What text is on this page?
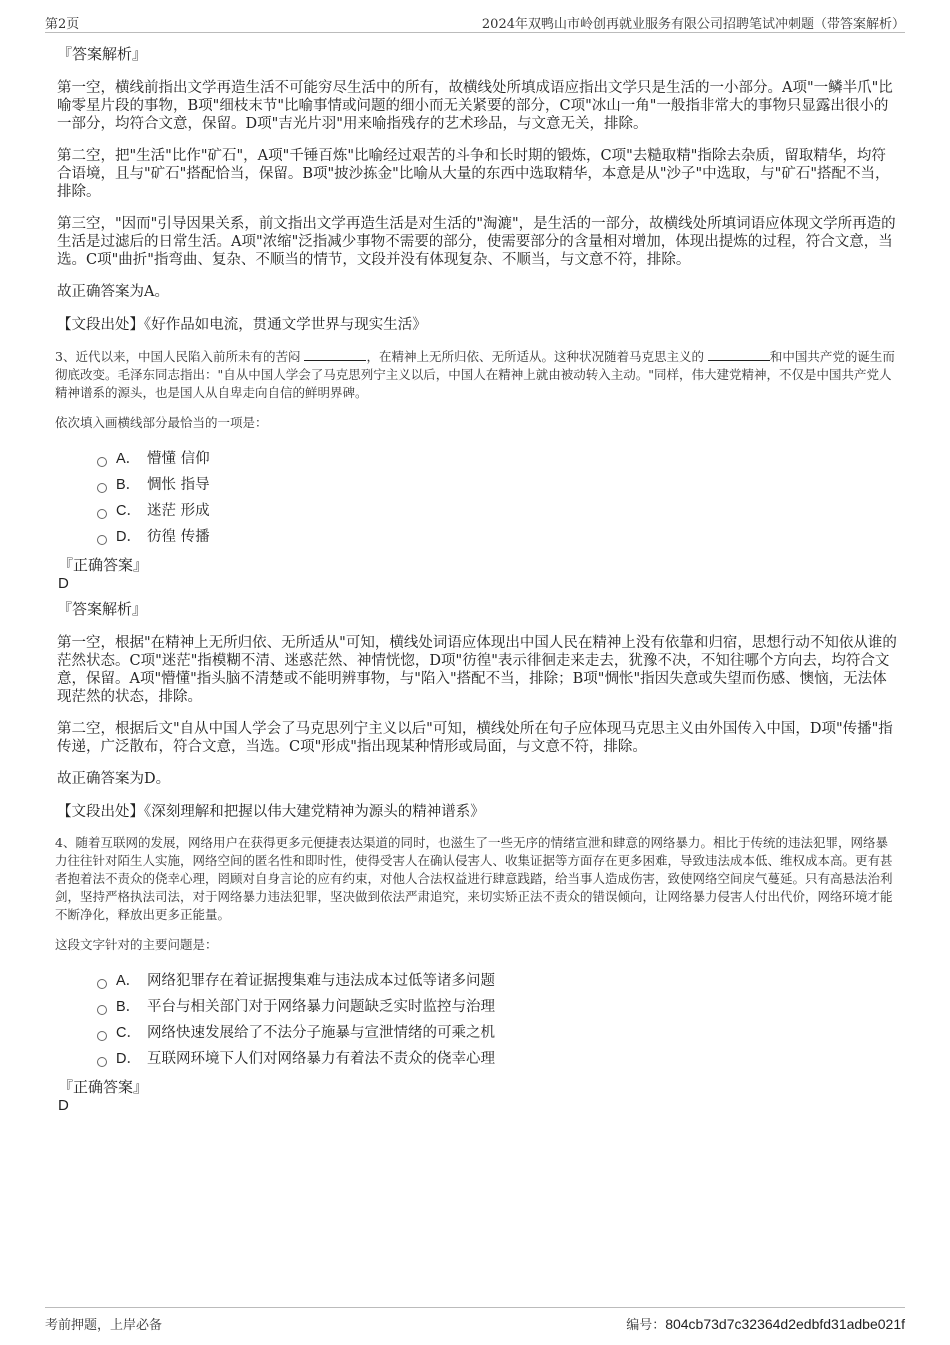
第2页	2024年双鸭山市岭创再就业服务有限公司招聘笔试冲刺题（带答案解析）
『答案解析』

第一空，横线前指出文学再造生活不可能穷尽生活中的所有，故横线处所填成语应指出文学只是生活的一小部分。A项"一鳞半爪"比喻零星片段的事物，B项"细枝末节"比喻事情或问题的细小而无关紧要的部分，C项"冰山一角"一般指非常大的事物只显露出很小的一部分，均符合文意，保留。D项"吉光片羽"用来喻指残存的艺术珍品，与文意无关，排除。

第二空，把"生活"比作"矿石"，A项"千锤百炼"比喻经过艰苦的斗争和长时期的锻炼，C项"去糙取精"指除去杂质，留取精华，均符合语境，且与"矿石"搭配恰当，保留。B项"披沙拣金"比喻从大量的东西中选取精华，本意是从"沙子"中选取，与"矿石"搭配不当，排除。

第三空，"因而"引导因果关系，前文指出文学再造生活是对生活的"淘漉"，是生活的一部分，故横线处所填词语应体现文学所再造的生活是过滤后的日常生活。A项"浓缩"泛指减少事物不需要的部分，使需要部分的含量相对增加，体现出提炼的过程，符合文意，当选。C项"曲折"指弯曲、复杂、不顺当的情节，文段并没有体现复杂、不顺当，与文意不符，排除。

故正确答案为A。

【文段出处】《好作品如电流，贯通文学世界与现实生活》

3、近代以来，中国人民陷入前所未有的苦闷	，在精神上无所归依、无所适从。这种状况随着马克思主义的	和中国共产党的诞生而彻底改变。毛泽东同志指出："自从中国人学会了马克思列宁主义以后，中国人在精神上就由被动转入主动。"同样，伟大建党精神，不仅是中国共产党人精神谱系的源头，也是国人从自卑走向自信的鲜明界碑。

依次填入画横线部分最恰当的一项是：

A． 懵懂 信仰
B． 惆怅 指导
C． 迷茫 形成
D． 彷徨 传播
『正确答案』
D
『答案解析』

第一空，根据"在精神上无所归依、无所适从"可知，横线处词语应体现出中国人民在精神上没有依靠和归宿，思想行动不知依从谁的茫然状态。C项"迷茫"指模糊不清、迷惑茫然、神情恍惚，D项"彷徨"表示徘徊走来走去，犹豫不决，不知往哪个方向去，均符合文意，保留。A项"懵懂"指头脑不清楚或不能明辨事物，与"陷入"搭配不当，排除；B项"惆怅"指因失意或失望而伤感、懊恼，无法体现茫然的状态，排除。

第二空，根据后文"自从中国人学会了马克思列宁主义以后"可知，横线处所在句子应体现马克思主义由外国传入中国，D项"传播"指传递，广泛散布，符合文意，当选。C项"形成"指出现某种情形或局面，与文意不符，排除。

故正确答案为D。

【文段出处】《深刻理解和把握以伟大建党精神为源头的精神谱系》

4、随着互联网的发展，网络用户在获得更多元便捷表达渠道的同时，也滋生了一些无序的情绪宣泄和肆意的网络暴力。相比于传统的违法犯罪，网络暴力往往针对陌生人实施，网络空间的匿名性和即时性，使得受害人在确认侵害人、收集证据等方面存在更多困难，导致违法成本低、维权成本高。更有甚者抱着法不责众的侥幸心理，罔顾对自身言论的应有约束，对他人合法权益进行肆意践踏，给当事人造成伤害，致使网络空间戾气蔓延。只有高悬法治利剑，坚持严格执法司法，对于网络暴力违法犯罪，坚决做到依法严肃追究，来切实矫正法不责众的错误倾向，让网络暴力侵害人付出代价，网络环境才能不断净化，释放出更多正能量。

这段文字针对的主要问题是：

A． 网络犯罪存在着证据搜集难与违法成本过低等诸多问题
B． 平台与相关部门对于网络暴力问题缺乏实时监控与治理
C． 网络快速发展给了不法分子施暴与宣泄情绪的可乘之机
D． 互联网环境下人们对网络暴力有着法不责众的侥幸心理
『正确答案』
D
考前押题，上岸必备	编号：804cb73d7c32364d2edbfd31adbe021f
